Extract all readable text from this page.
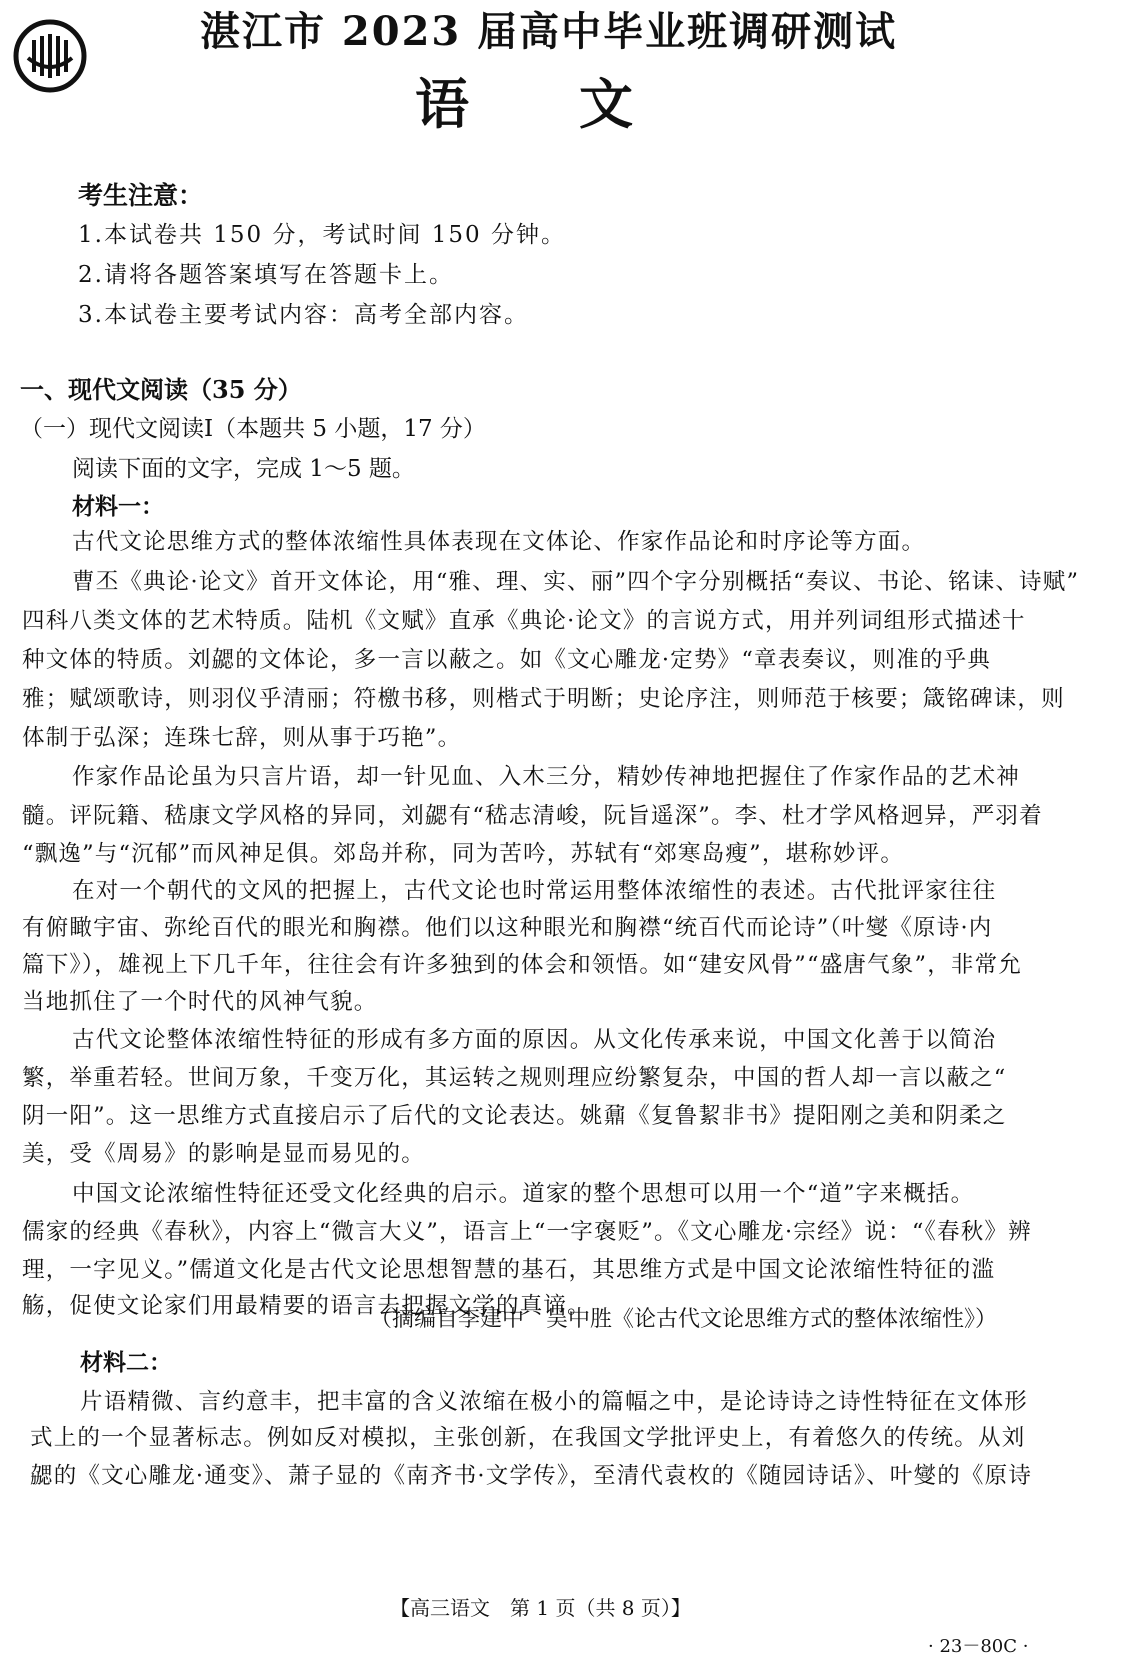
湛江市 2023 届高中毕业班调研测试
语文
考生注意：
1.本试卷共 150 分，考试时间 150 分钟。
2.请将各题答案填写在答题卡上。
3.本试卷主要考试内容：高考全部内容。
一、现代文阅读（35 分）
（一）现代文阅读Ⅰ（本题共 5 小题，17 分）
阅读下面的文字，完成 1～5 题。
材料一：
古代文论思维方式的整体浓缩性具体表现在文体论、作家作品论和时序论等方面。
曹丕《典论·论文》首开文体论，用“雅、理、实、丽”四个字分别概括“奏议、书论、铭诔、诗赋”
四科八类文体的艺术特质。陆机《文赋》直承《典论·论文》的言说方式，用并列词组形式描述十
种文体的特质。刘勰的文体论，多一言以蔽之。如《文心雕龙·定势》“章表奏议，则准的乎典
雅；赋颂歌诗，则羽仪乎清丽；符檄书移，则楷式于明断；史论序注，则师范于核要；箴铭碑诔，则
体制于弘深；连珠七辞，则从事于巧艳”。
作家作品论虽为只言片语，却一针见血、入木三分，精妙传神地把握住了作家作品的艺术神
髓。评阮籍、嵇康文学风格的异同，刘勰有“嵇志清峻，阮旨遥深”。李、杜才学风格迥异，严羽着
“飘逸”与“沉郁”而风神足俱。郊岛并称，同为苦吟，苏轼有“郊寒岛瘦”，堪称妙评。
在对一个朝代的文风的把握上，古代文论也时常运用整体浓缩性的表述。古代批评家往往
有俯瞰宇宙、弥纶百代的眼光和胸襟。他们以这种眼光和胸襟“统百代而论诗”（叶燮《原诗·内
篇下》），雄视上下几千年，往往会有许多独到的体会和领悟。如“建安风骨”“盛唐气象”，非常允
当地抓住了一个时代的风神气貌。
古代文论整体浓缩性特征的形成有多方面的原因。从文化传承来说，中国文化善于以简治
繁，举重若轻。世间万象，千变万化，其运转之规则理应纷繁复杂，中国的哲人却一言以蔽之“
阴一阳”。这一思维方式直接启示了后代的文论表达。姚鼐《复鲁絜非书》提阳刚之美和阴柔之
美，受《周易》的影响是显而易见的。
中国文论浓缩性特征还受文化经典的启示。道家的整个思想可以用一个“道”字来概括。
儒家的经典《春秋》，内容上“微言大义”，语言上“一字褒贬”。《文心雕龙·宗经》说：“《春秋》辨
理，一字见义。”儒道文化是古代文论思想智慧的基石，其思维方式是中国文论浓缩性特征的滥
觞，促使文论家们用最精要的语言去把握文学的真谛。
（摘编自李建中　吴中胜《论古代文论思维方式的整体浓缩性》）
材料二：
片语精微、言约意丰，把丰富的含义浓缩在极小的篇幅之中，是论诗诗之诗性特征在文体形
式上的一个显著标志。例如反对模拟，主张创新，在我国文学批评史上，有着悠久的传统。从刘
勰的《文心雕龙·通变》、萧子显的《南齐书·文学传》，至清代袁枚的《随园诗话》、叶燮的《原诗
【高三语文　第 1 页（共 8 页）】
· 23－80C ·
